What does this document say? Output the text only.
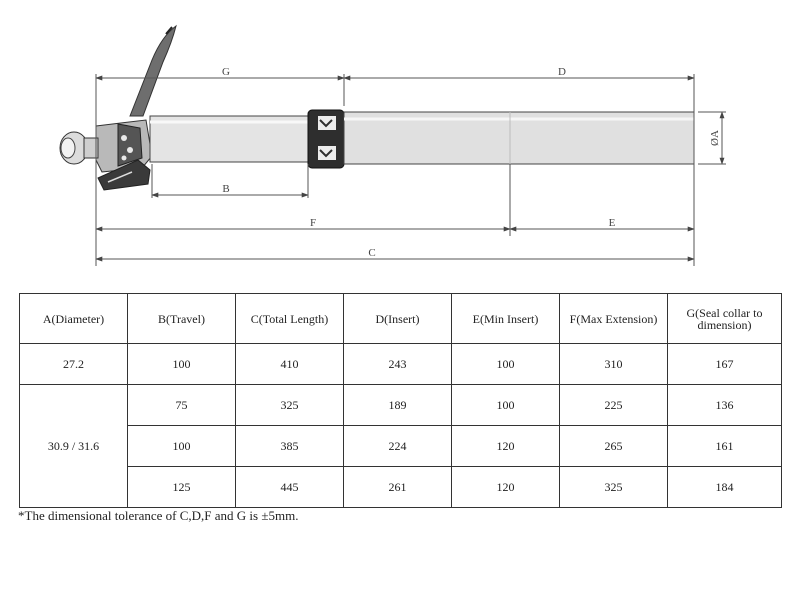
G	D
B
F	E
C
ØA
A(Diameter)	B(Travel)	C(Total Length)	D(Insert)	E(Min Insert)	F(Max Extension)	G(Seal collar to dimension)
27.2	100	410	243	100	310	167
30.9 / 31.6	75	325	189	100	225	136
	100	385	224	120	265	161
	125	445	261	120	325	184
*The dimensional tolerance of C,D,F and G is ±5mm.
